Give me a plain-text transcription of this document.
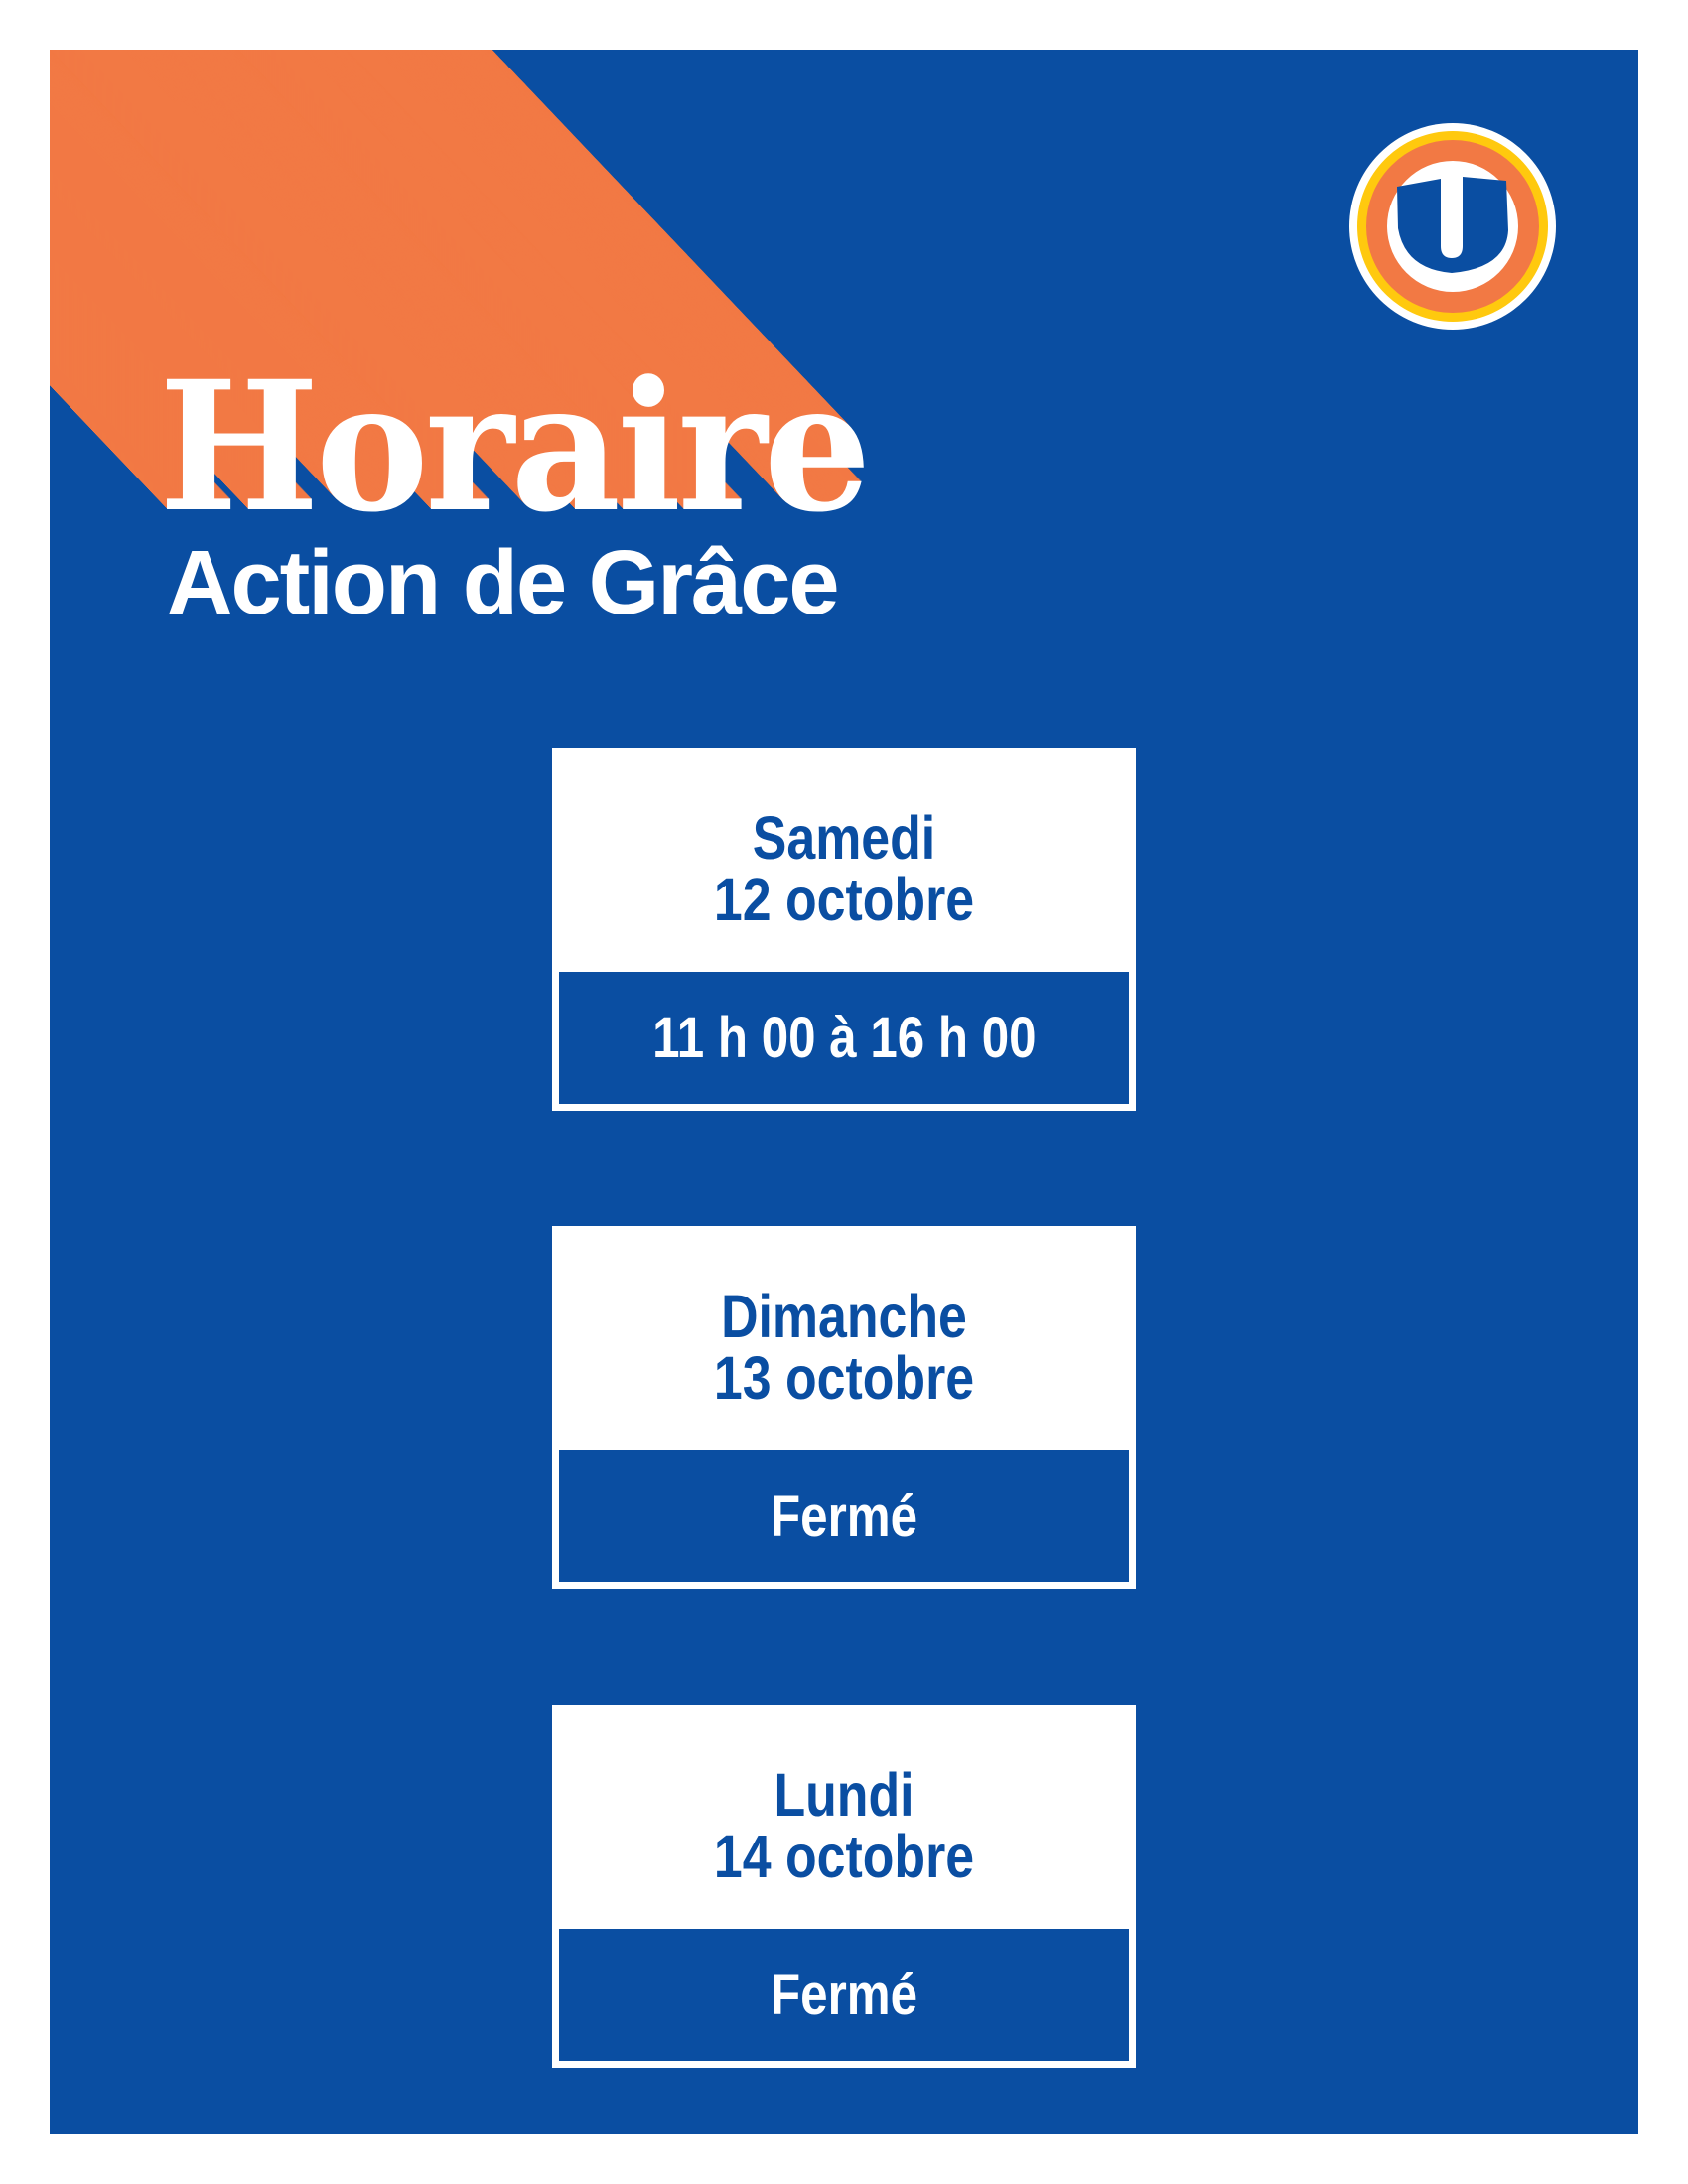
Horaire
Action de Grâce
Samedi
12 octobre
11 h 00 à 16 h 00
Dimanche
13 octobre
Fermé
Lundi
14 octobre
Fermé
